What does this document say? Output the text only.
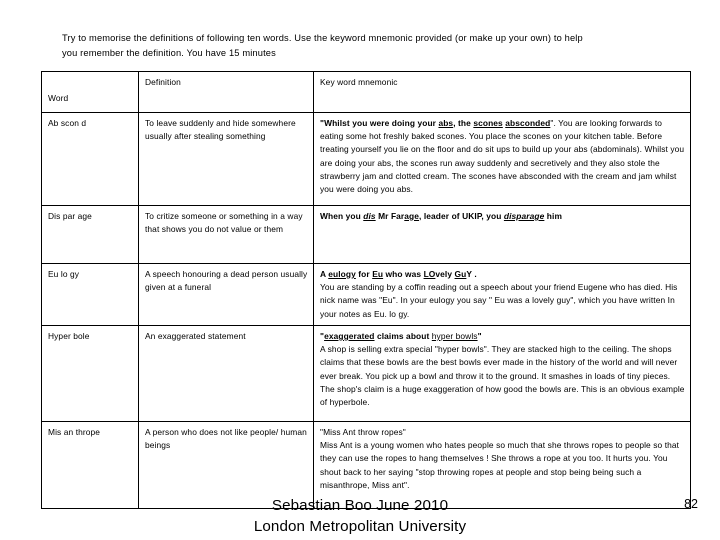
Try to memorise the definitions of following ten words. Use the keyword mnemonic provided (or make up your own) to help you remember the definition. You have 15 minutes
Word	Definition	Key word mnemonic
Ab scon d	To leave suddenly and hide somewhere usually after stealing something	"Whilst you were doing your abs, the scones absconded". You are looking forwards to eating some hot freshly baked scones. You place the scones on your kitchen table. Before treating yourself you lie on the floor and do sit ups to build up your abs (abdominals). Whilst you are doing your abs, the scones run away suddenly and secretively and they also stole the strawberry jam and clotted cream. The scones have absconded with the cream and jam whilst you were doing you abs.

Dis par age	To critize someone or something in a way that shows you do not value or them	When you dis Mr Farage, leader of UKIP, you disparage him

Eu lo gy	A speech honouring a dead person usually given at a funeral	A eulogy for Eu who was LOvely GuY .
You are standing by a coffin reading out a speech about your friend Eugene who has died. His nick name was "Eu". In your eulogy you say " Eu was a lovely guy", which you have written In your notes as Eu. lo gy.

Hyper bole	An exaggerated statement	"exaggerated claims about hyper bowls"
A shop is selling extra special "hyper bowls". They are stacked high to the ceiling. The shops claims that these bowls are the best bowls ever made in the history of the world and will never ever break. You pick up a bowl and throw it to the ground. It smashes in loads of tiny pieces. The shop's claim is a huge exaggeration of how good the bowls are. This is an obvious example of hyperbole.

Mis an thrope	A person who does not like people/ human beings	"Miss Ant throw ropes"
Miss Ant is a young women who hates people so much that she throws ropes to people so that they can use the ropes to hang themselves ! She throws a rope at you too. It hurts you. You shout back to her saying "stop throwing ropes at people and stop being being such a misanthrope, Miss ant".
Sebastian Boo June 2010
London Metropolitan University
82
